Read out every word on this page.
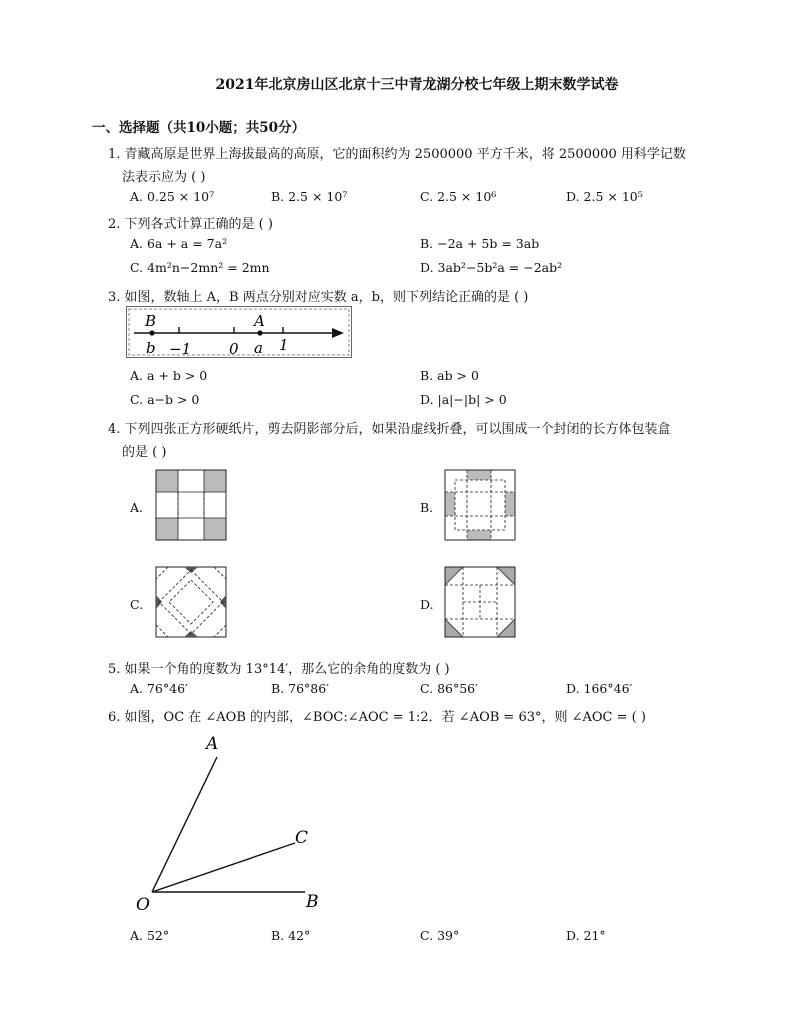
2021年北京房山区北京十三中青龙湖分校七年级上期末数学试卷
一、选择题（共10小题；共50分）
1. 青藏高原是世界上海拔最高的高原，它的面积约为 2500000 平方千米，将 2500000 用科学记数
法表示应为 ( )
A. 0.25 × 10⁷	B. 2.5 × 10⁷	C. 2.5 × 10⁶	D. 2.5 × 10⁵
2. 下列各式计算正确的是 ( )
A. 6a + a = 7a²	B. −2a + 5b = 3ab
C. 4m²n−2mn² = 2mn	D. 3ab²−5b²a = −2ab²
3. 如图，数轴上 A，B 两点分别对应实数 a，b，则下列结论正确的是 ( )
B
b −1	0
A
a 1
A. a + b > 0	B. ab > 0
C. a−b > 0	D. |a|−|b| > 0
4. 下列四张正方形硬纸片，剪去阴影部分后，如果沿虚线折叠，可以围成一个封闭的长方体包装盒
的是 ( )
A.	B.
C.	D.
5. 如果一个角的度数为 13°14′，那么它的余角的度数为 ( )
A. 76°46′	B. 76°86′	C. 86°56′	D. 166°46′
6. 如图，OC 在 ∠AOB 的内部，∠BOC:∠AOC = 1:2．若 ∠AOB = 63°，则 ∠AOC = ( )
A
C
O	B
A. 52°	B. 42°	C. 39°	D. 21°
